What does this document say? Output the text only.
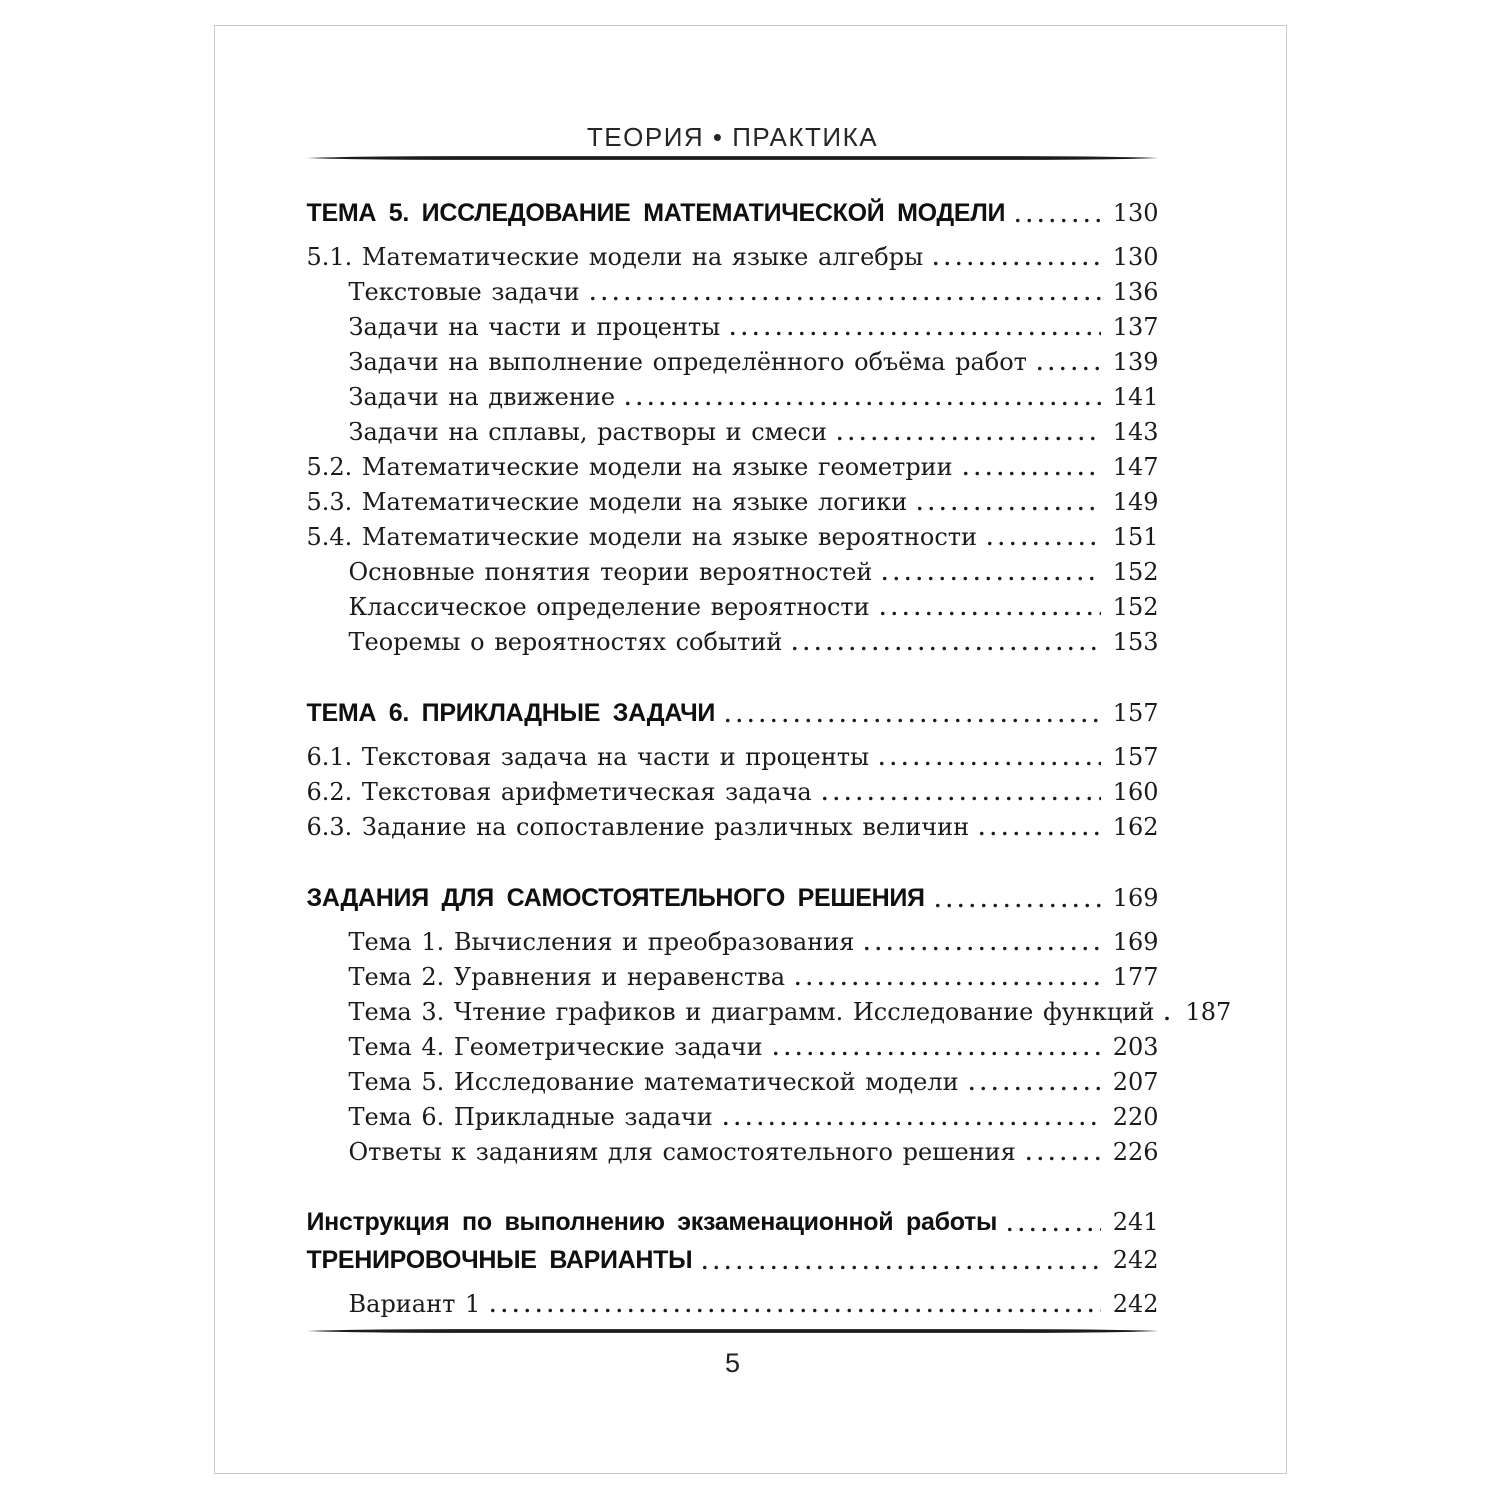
ТЕОРИЯ • ПРАКТИКА
ТЕМА 5. ИССЛЕДОВАНИЕ МАТЕМАТИЧЕСКОЙ МОДЕЛИ	130
5.1. Математические модели на языке алгебры	130
Текстовые задачи	136
Задачи на части и проценты	137
Задачи на выполнение определённого объёма работ	139
Задачи на движение	141
Задачи на сплавы, растворы и смеси	143
5.2. Математические модели на языке геометрии	147
5.3. Математические модели на языке логики	149
5.4. Математические модели на языке вероятности	151
Основные понятия теории вероятностей	152
Классическое определение вероятности	152
Теоремы о вероятностях событий	153
ТЕМА 6. ПРИКЛАДНЫЕ ЗАДАЧИ	157
6.1. Текстовая задача на части и проценты	157
6.2. Текстовая арифметическая задача	160
6.3. Задание на сопоставление различных величин	162
ЗАДАНИЯ ДЛЯ САМОСТОЯТЕЛЬНОГО РЕШЕНИЯ	169
Тема 1. Вычисления и преобразования	169
Тема 2. Уравнения и неравенства	177
Тема 3. Чтение графиков и диаграмм. Исследование функций 187
Тема 4. Геометрические задачи	203
Тема 5. Исследование математической модели	207
Тема 6. Прикладные задачи	220
Ответы к заданиям для самостоятельного решения	226
Инструкция по выполнению экзаменационной работы	241
ТРЕНИРОВОЧНЫЕ ВАРИАНТЫ	242
Вариант 1	242
5
